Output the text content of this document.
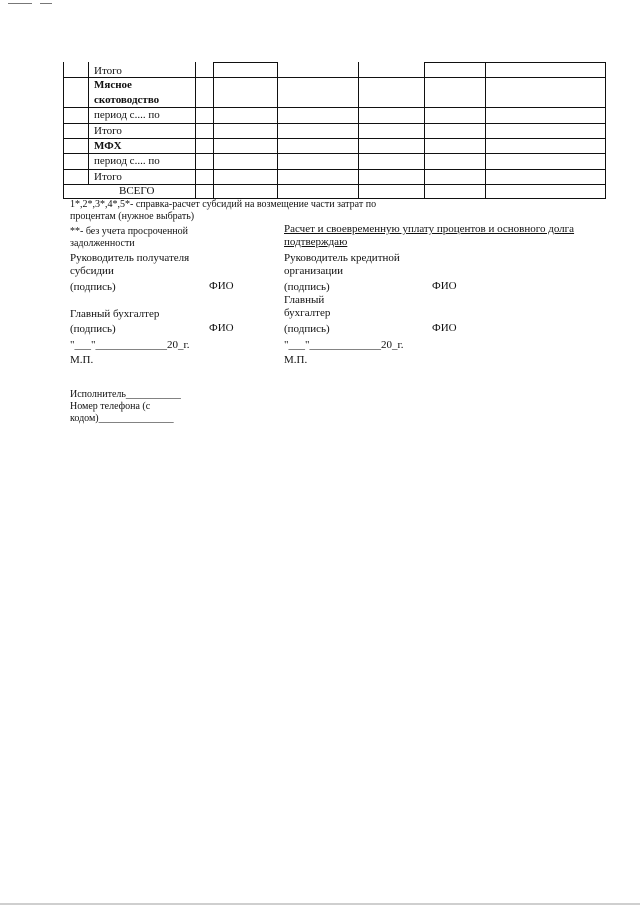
Итого
Мясное
скотоводство
период с.... по
Итого
МФХ
период с.... по
Итого
ВСЕГО
1*,2*,3*,4*,5*- справка-расчет субсидий на возмещение части затрат по
процентам (нужное выбрать)
**- без учета просроченной
задолженности
Расчет и своевременную уплату процентов и основного долга
подтверждаю
Руководитель получателя
субсидии
(подпись)	ФИО
Главный бухгалтер
(подпись)	ФИО
"___"_____________20_г.
М.П.
Руководитель кредитной
организации
(подпись)	ФИО
Главный
бухгалтер
(подпись)	ФИО
"___"_____________20_г.
М.П.
Исполнитель___________
Номер телефона (с
кодом)_______________
